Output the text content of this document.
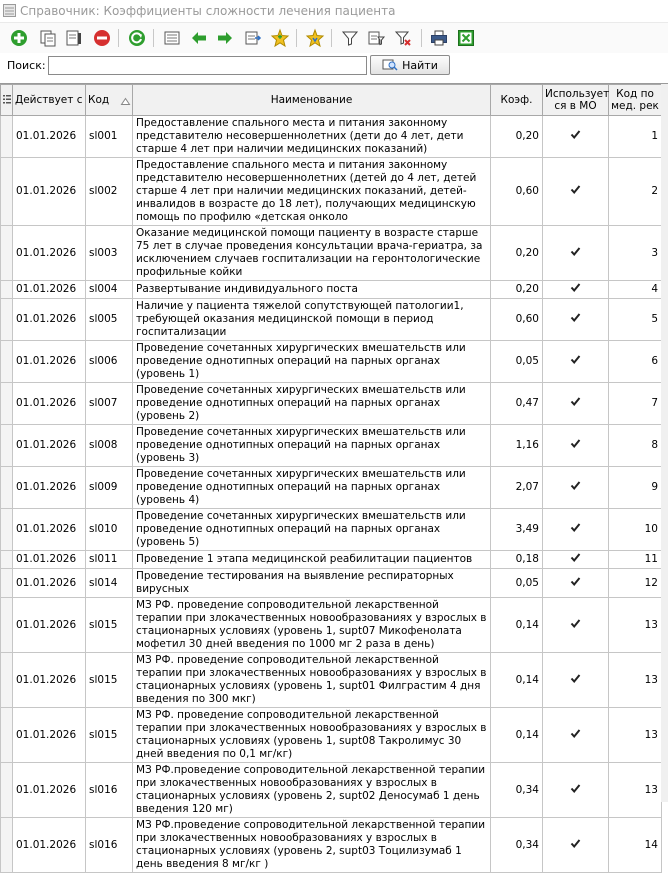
Справочник: Коэффициенты сложности лечения пациента
Поиск:	Найти
	Действует с	Код	Наименование	Коэф.	Использует ся в МО	Код по мед. рек
	01.01.2026	sl001	Предоставление спального места и питания законному представителю несовершеннолетних (дети до 4 лет, дети старше 4 лет при наличии медицинских показаний)	0,20		1
	01.01.2026	sl002	Предоставление спального места и питания законному представителю несовершеннолетних (детей до 4 лет, детей старше 4 лет при наличии медицинских показаний, детей-инвалидов в возрасте до 18 лет), получающих медицинскую помощь по профилю «детская онколо	0,60		2
	01.01.2026	sl003	Оказание медицинской помощи пациенту в возрасте старше 75 лет в случае проведения консультации врача-гериатра, за исключением случаев госпитализации на геронтологические профильные койки	0,20		3
	01.01.2026	sl004	Развертывание индивидуального поста	0,20		4
	01.01.2026	sl005	Наличие у пациента тяжелой сопутствующей патологии1, требующей оказания медицинской помощи в период госпитализации	0,60		5
	01.01.2026	sl006	Проведение сочетанных хирургических вмешательств или проведение однотипных операций на парных органах (уровень 1)	0,05		6
	01.01.2026	sl007	Проведение сочетанных хирургических вмешательств или проведение однотипных операций на парных органах (уровень 2)	0,47		7
	01.01.2026	sl008	Проведение сочетанных хирургических вмешательств или проведение однотипных операций на парных органах (уровень 3)	1,16		8
	01.01.2026	sl009	Проведение сочетанных хирургических вмешательств или проведение однотипных операций на парных органах (уровень 4)	2,07		9
	01.01.2026	sl010	Проведение сочетанных хирургических вмешательств или проведение однотипных операций на парных органах (уровень 5)	3,49		10
	01.01.2026	sl011	Проведение 1 этапа медицинской реабилитации пациентов	0,18		11
	01.01.2026	sl014	Проведение тестирования на выявление респираторных вирусных	0,05		12
	01.01.2026	sl015	МЗ РФ. проведение сопроводительной лекарственной терапии при злокачественных новообразованиях у взрослых в стационарных условиях (уровень 1, supt07 Микофенолата мофетил 30 дней введения по 1000 мг 2 раза в день)	0,14		13
	01.01.2026	sl015	МЗ РФ. проведение сопроводительной лекарственной терапии при злокачественных новообразованиях у взрослых в стационарных условиях (уровень 1, supt01 Филграстим 4 дня введения по 300 мкг)	0,14		13
	01.01.2026	sl015	МЗ РФ. проведение сопроводительной лекарственной терапии при злокачественных новообразованиях у взрослых в стационарных условиях (уровень 1, supt08 Такролимус 30 дней введения по 0,1 мг/кг)	0,14		13
	01.01.2026	sl016	МЗ РФ.проведение сопроводительной лекарственной терапии при злокачественных новообразованиях у взрослых в стационарных условиях (уровень 2, supt02 Деносумаб 1 день введения 120 мг)	0,34		13
	01.01.2026	sl016	МЗ РФ.проведение сопроводительной лекарственной терапии при злокачественных новообразованиях у взрослых в стационарных условиях (уровень 2, supt03 Тоцилизумаб 1 день введения 8 мг/кг )	0,34		14
